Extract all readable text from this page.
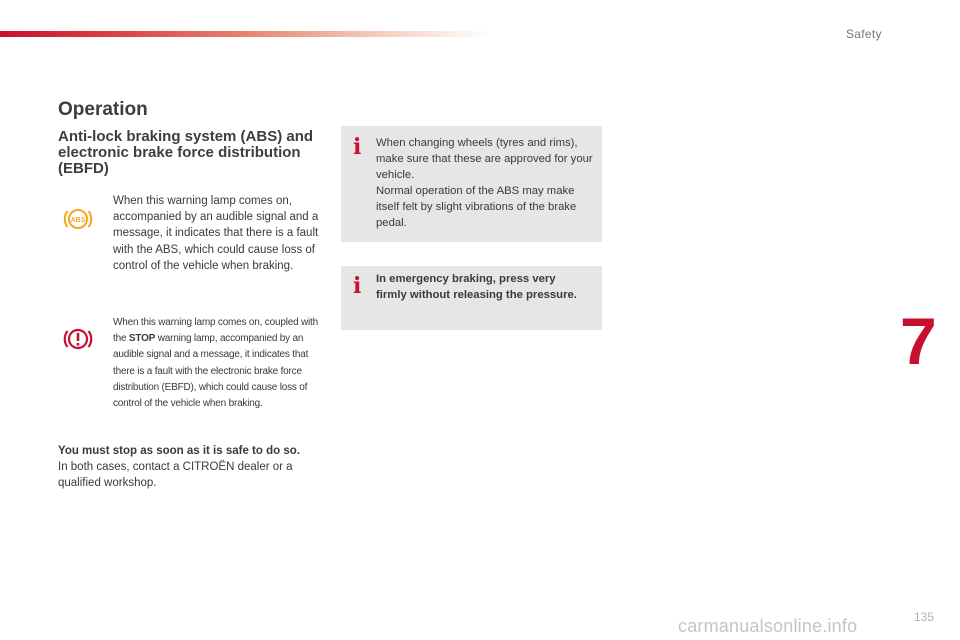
Safety
7
Operation
Anti-lock braking system (ABS) and electronic brake force distribution (EBFD)
ABS

When this warning lamp comes on, accompanied by an audible signal and a message, it indicates that there is a fault with the ABS, which could cause loss of control of the vehicle when braking.

When this warning lamp comes on, coupled with the STOP warning lamp, accompanied by an audible signal and a message, it indicates that there is a fault with the electronic brake force distribution (EBFD), which could cause loss of control of the vehicle when braking.

You must stop as soon as it is safe to do so.

In both cases, contact a CITROËN dealer or a qualified workshop.

i When changing wheels (tyres and rims), make sure that these are approved for your vehicle.

Normal operation of the ABS may make itself felt by slight vibrations of the brake pedal.

i In emergency braking, press very firmly without releasing the pressure.

135
carmanualsonline.info
